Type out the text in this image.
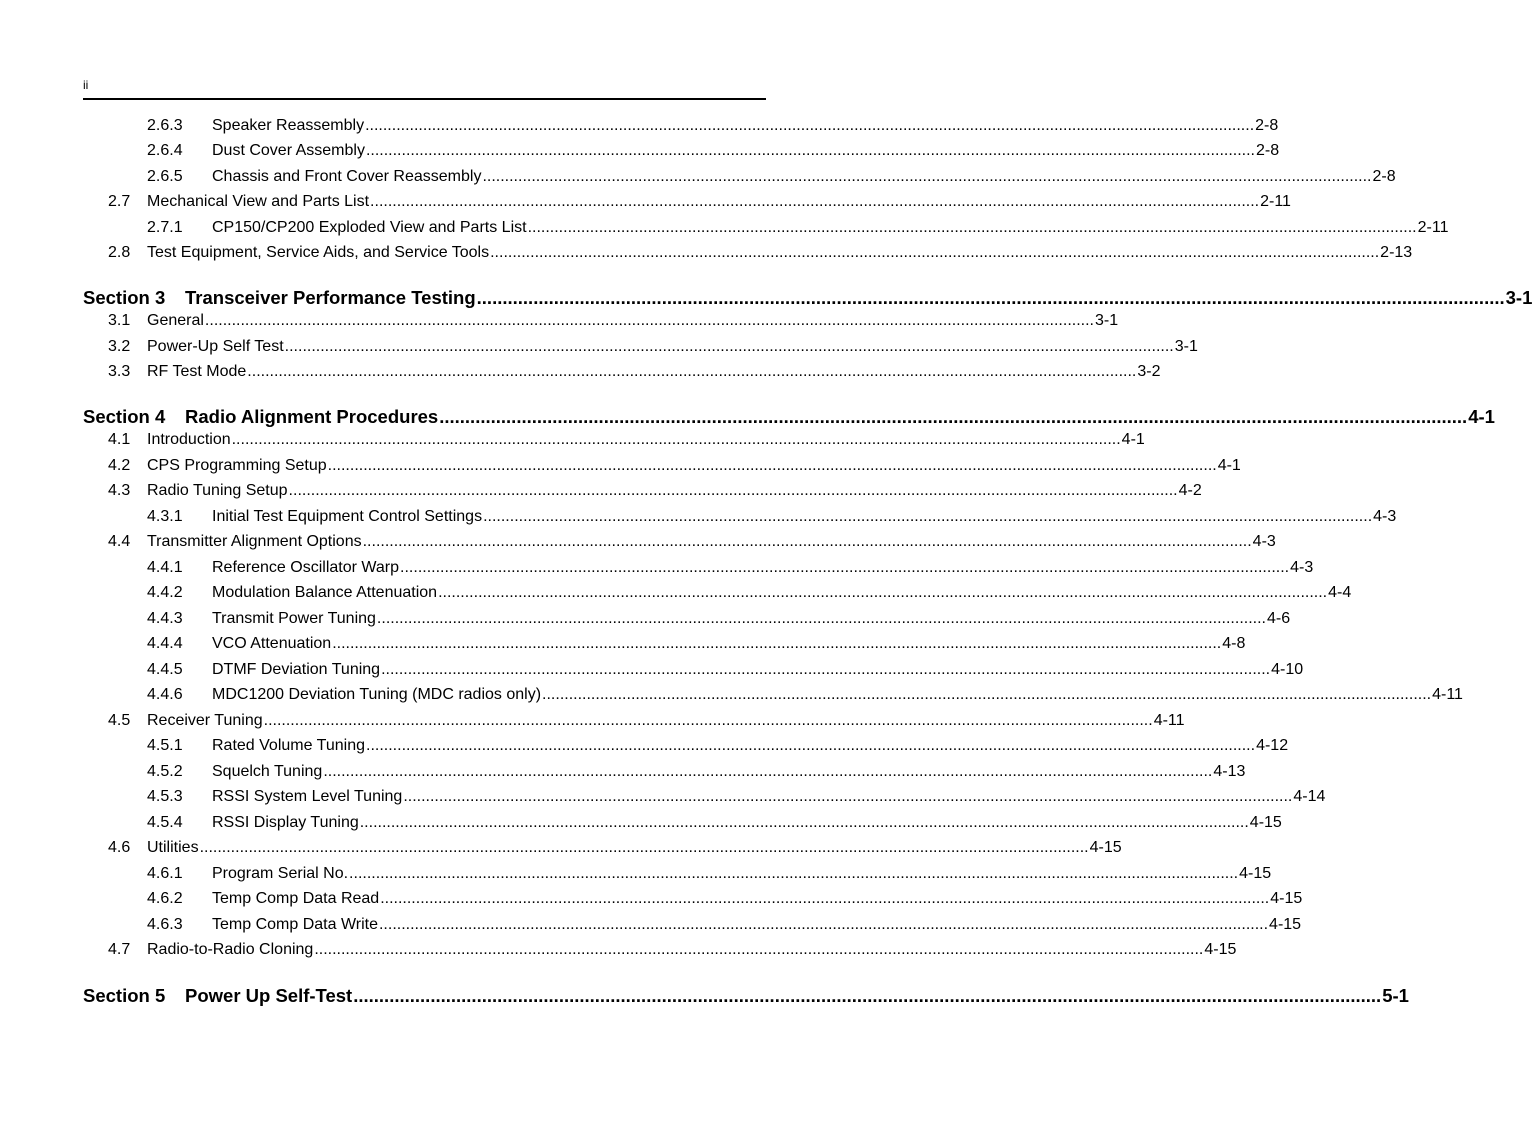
ii
2.6.3	Speaker Reassembly ........................................................................................................................................................................................................ 2-8
2.6.4	Dust Cover Assembly ........................................................................................................................................................................................................ 2-8
2.6.5	Chassis and Front Cover Reassembly ........................................................................................................................................................................................................ 2-8
2.7	Mechanical View and Parts List ........................................................................................................................................................................................................ 2-11
2.7.1	CP150/CP200 Exploded View and Parts List ........................................................................................................................................................................................................ 2-11
2.8	Test Equipment, Service Aids, and Service Tools ........................................................................................................................................................................................................ 2-13
Section 3	Transceiver Performance Testing ........................................................................................................................................................................................................ 3-1
3.1	General ........................................................................................................................................................................................................ 3-1
3.2	Power-Up Self Test ........................................................................................................................................................................................................ 3-1
3.3	RF Test Mode ........................................................................................................................................................................................................ 3-2
Section 4	Radio Alignment Procedures ........................................................................................................................................................................................................ 4-1
4.1	Introduction ........................................................................................................................................................................................................ 4-1
4.2	CPS Programming Setup ........................................................................................................................................................................................................ 4-1
4.3	Radio Tuning Setup ........................................................................................................................................................................................................ 4-2
4.3.1	Initial Test Equipment Control Settings ........................................................................................................................................................................................................ 4-3
4.4	Transmitter Alignment Options ........................................................................................................................................................................................................ 4-3
4.4.1	Reference Oscillator Warp ........................................................................................................................................................................................................ 4-3
4.4.2	Modulation Balance Attenuation ........................................................................................................................................................................................................ 4-4
4.4.3	Transmit Power Tuning ........................................................................................................................................................................................................ 4-6
4.4.4	VCO Attenuation ........................................................................................................................................................................................................ 4-8
4.4.5	DTMF Deviation Tuning ........................................................................................................................................................................................................ 4-10
4.4.6	MDC1200 Deviation Tuning (MDC radios only) ........................................................................................................................................................................................................ 4-11
4.5	Receiver Tuning ........................................................................................................................................................................................................ 4-11
4.5.1	Rated Volume Tuning ........................................................................................................................................................................................................ 4-12
4.5.2	Squelch Tuning ........................................................................................................................................................................................................ 4-13
4.5.3	RSSI System Level Tuning ........................................................................................................................................................................................................ 4-14
4.5.4	RSSI Display Tuning ........................................................................................................................................................................................................ 4-15
4.6	Utilities ........................................................................................................................................................................................................ 4-15
4.6.1	Program Serial No. ........................................................................................................................................................................................................ 4-15
4.6.2	Temp Comp Data Read ........................................................................................................................................................................................................ 4-15
4.6.3	Temp Comp Data Write ........................................................................................................................................................................................................ 4-15
4.7	Radio-to-Radio Cloning ........................................................................................................................................................................................................ 4-15
Section 5	Power Up Self-Test ........................................................................................................................................................................................................ 5-1
